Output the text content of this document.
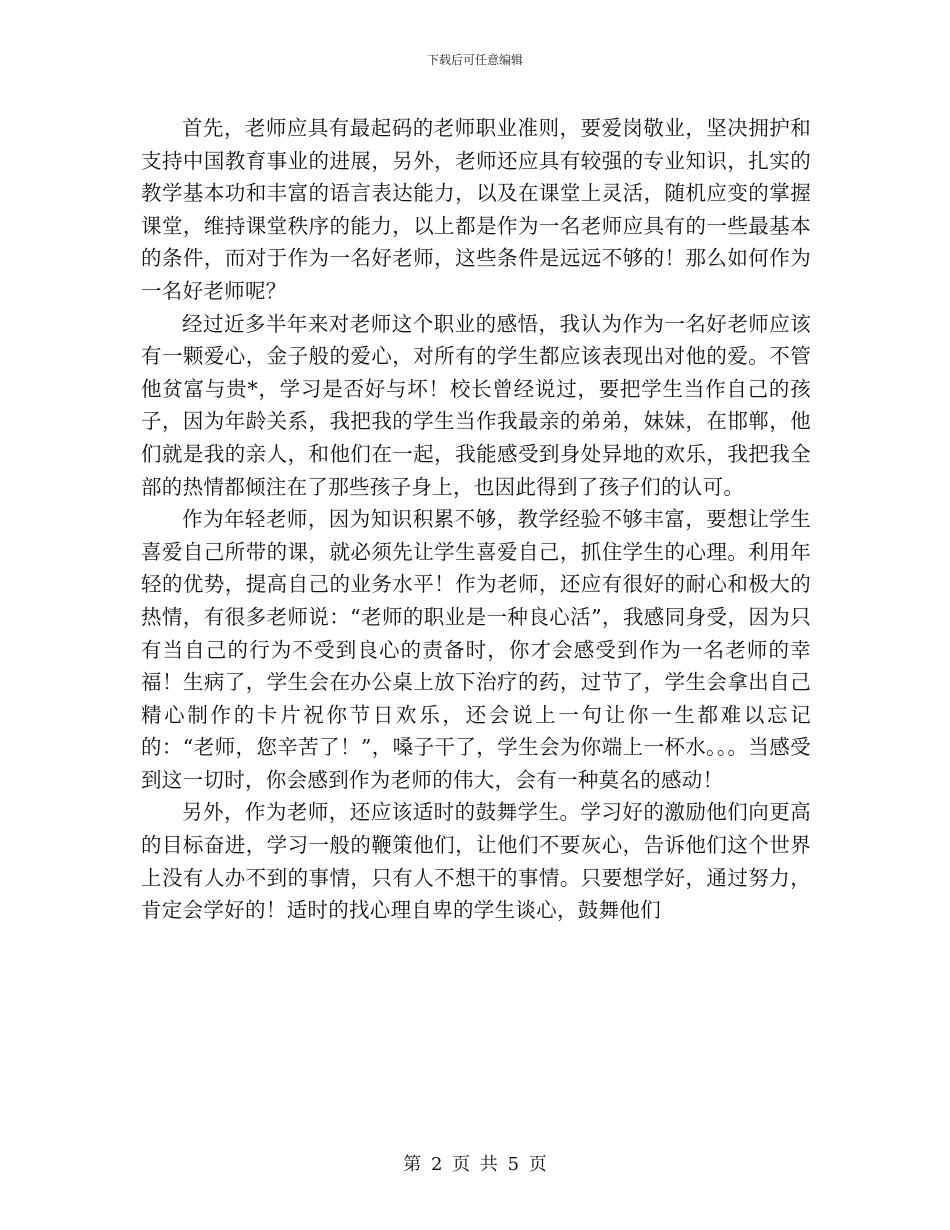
下载后可任意编辑

首先，老师应具有最起码的老师职业准则，要爱岗敬业，坚决拥护和支持中国教育事业的进展，另外，老师还应具有较强的专业知识，扎实的教学基本功和丰富的语言表达能力，以及在课堂上灵活，随机应变的掌握课堂，维持课堂秩序的能力，以上都是作为一名老师应具有的一些最基本的条件，而对于作为一名好老师，这些条件是远远不够的！那么如何作为一名好老师呢？

经过近多半年来对老师这个职业的感悟，我认为作为一名好老师应该有一颗爱心，金子般的爱心，对所有的学生都应该表现出对他的爱。不管他贫富与贵*，学习是否好与坏！校长曾经说过，要把学生当作自己的孩子，因为年龄关系，我把我的学生当作我最亲的弟弟，妹妹，在邯郸，他们就是我的亲人，和他们在一起，我能感受到身处异地的欢乐，我把我全部的热情都倾注在了那些孩子身上，也因此得到了孩子们的认可。

作为年轻老师，因为知识积累不够，教学经验不够丰富，要想让学生喜爱自己所带的课，就必须先让学生喜爱自己，抓住学生的心理。利用年轻的优势，提高自己的业务水平！作为老师，还应有很好的耐心和极大的热情，有很多老师说：“老师的职业是一种良心活”，我感同身受，因为只有当自己的行为不受到良心的责备时，你才会感受到作为一名老师的幸福！生病了，学生会在办公桌上放下治疗的药，过节了，学生会拿出自己精心制作的卡片祝你节日欢乐，还会说上一句让你一生都难以忘记的：“老师，您辛苦了！”，嗓子干了，学生会为你端上一杯水。。。当感受到这一切时，你会感到作为老师的伟大，会有一种莫名的感动！

另外，作为老师，还应该适时的鼓舞学生。学习好的激励他们向更高的目标奋进，学习一般的鞭策他们，让他们不要灰心，告诉他们这个世界上没有人办不到的事情，只有人不想干的事情。只要想学好，通过努力，肯定会学好的！适时的找心理自卑的学生谈心，鼓舞他们

第 2 页 共 5 页
